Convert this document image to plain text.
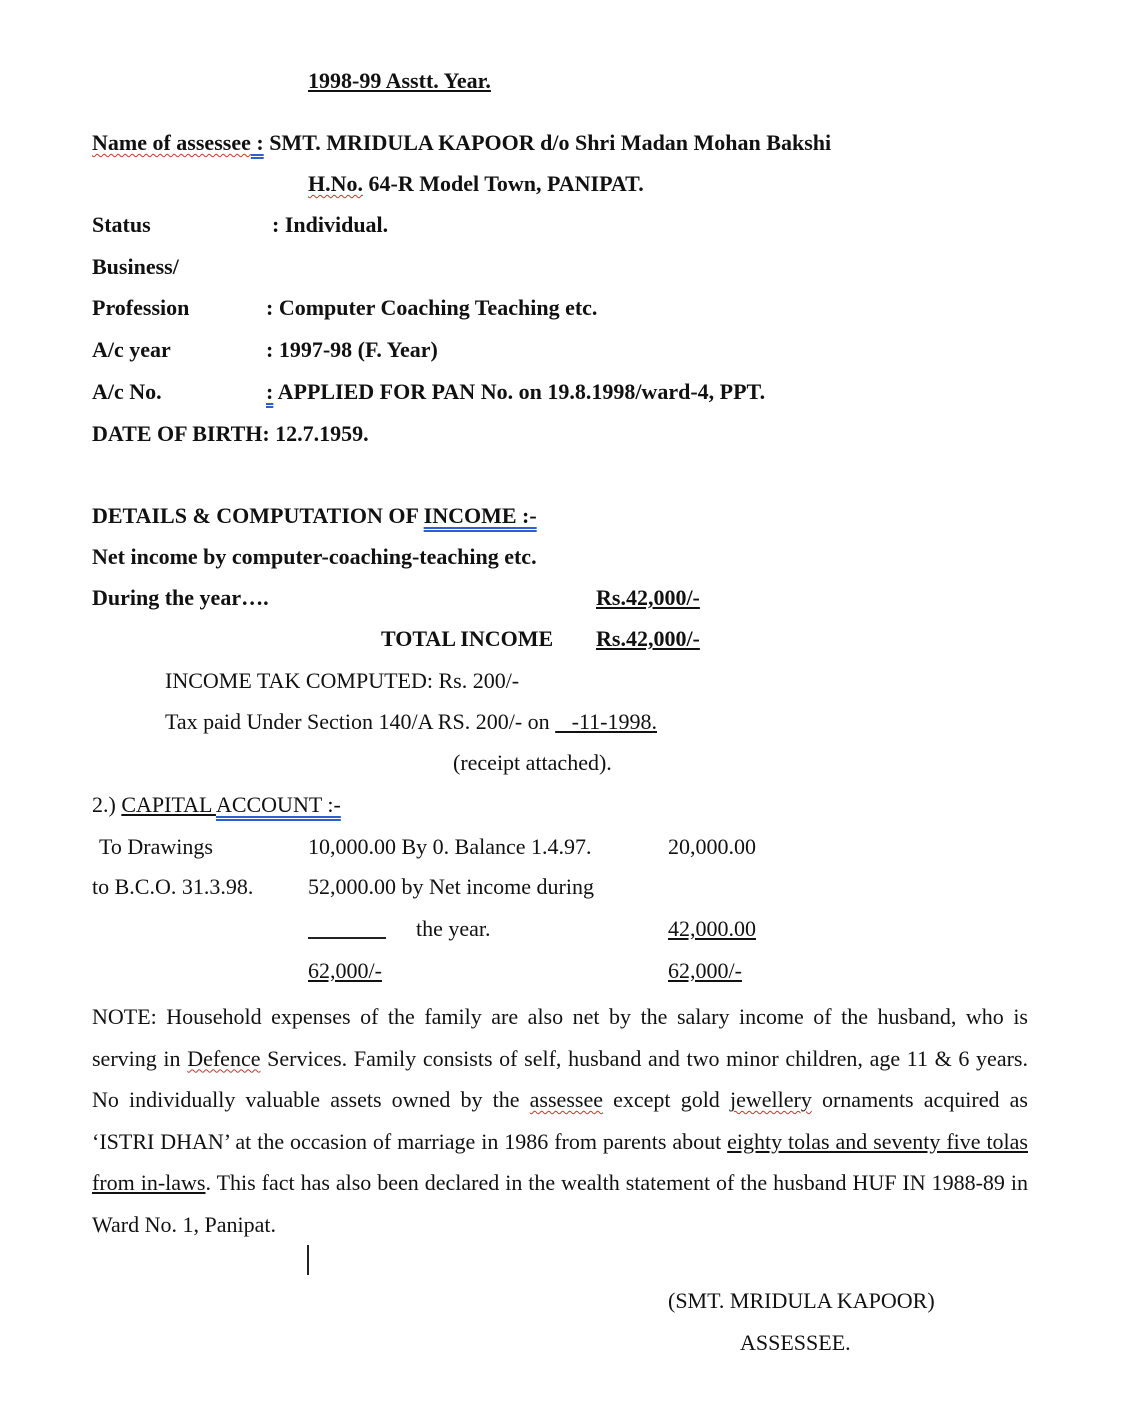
1998-99 Asstt. Year.
Name of assessee : SMT. MRIDULA KAPOOR d/o Shri Madan Mohan Bakshi
H.No. 64-R Model Town, PANIPAT.
Status	: Individual.
Business/
Profession	: Computer Coaching Teaching etc.
A/c year	: 1997-98 (F. Year)
A/c No.	: APPLIED FOR PAN No. on 19.8.1998/ward-4, PPT.
DATE OF BIRTH: 12.7.1959.
DETAILS & COMPUTATION OF INCOME :-
Net income by computer-coaching-teaching etc.
During the year….	Rs.42,000/-
TOTAL INCOME Rs.42,000/-
INCOME TAK COMPUTED: Rs. 200/-
Tax paid Under Section 140/A RS. 200/- on    -11-1998.
(receipt attached).
2.) CAPITAL ACCOUNT :-
To Drawings	10,000.00 By 0. Balance 1.4.97.	20,000.00
to B.C.O. 31.3.98. 52,000.00 by Net income during
the year.	42,000.00
62,000/-	62,000/-
NOTE: Household expenses of the family are also net by the salary income of the husband, who is serving in Defence Services. Family consists of self, husband and two minor children, age 11 & 6 years. No individually valuable assets owned by the assessee except gold jewellery ornaments acquired as ‘ISTRI DHAN’ at the occasion of marriage in 1986 from parents about eighty tolas and seventy five tolas from in-laws. This fact has also been declared in the wealth statement of the husband HUF IN 1988-89 in Ward No. 1, Panipat.
(SMT. MRIDULA KAPOOR)
ASSESSEE.
